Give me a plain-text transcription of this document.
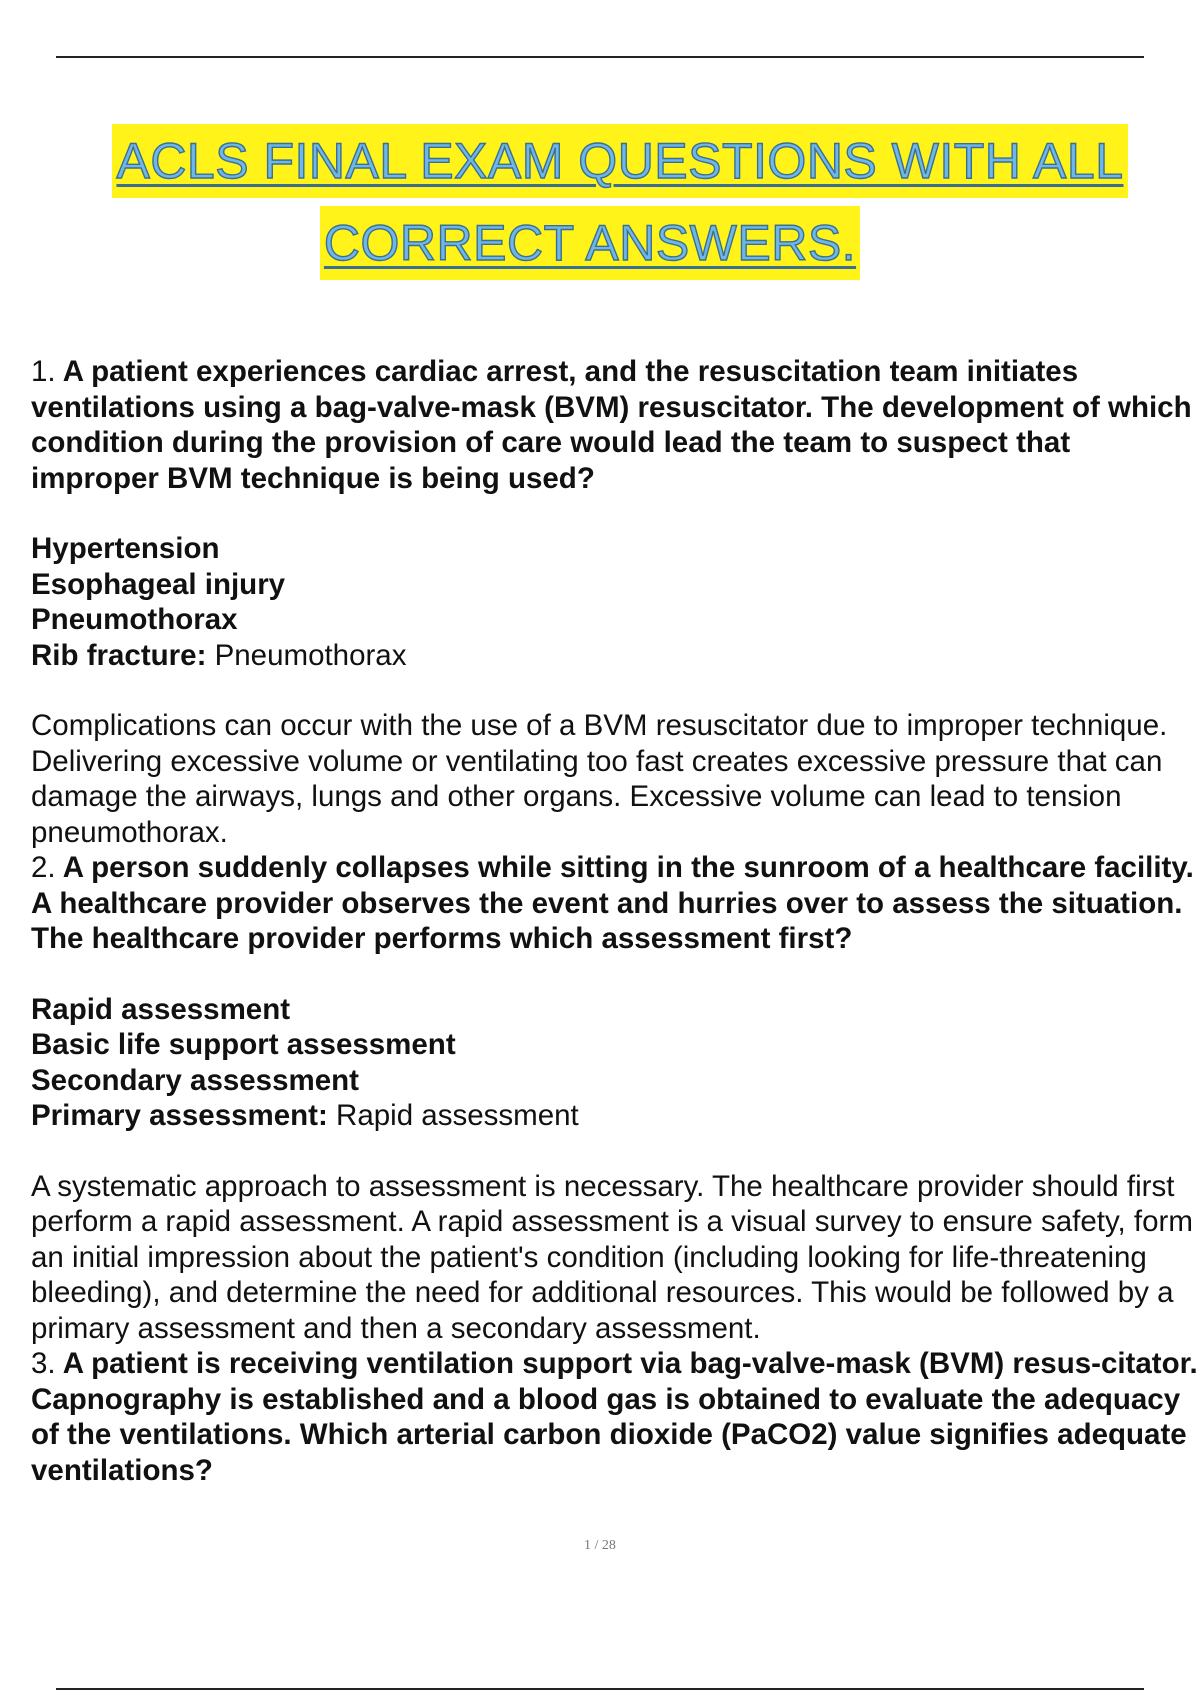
ACLS FINAL EXAM QUESTIONS WITH ALL
CORRECT ANSWERS.

1. A patient experiences cardiac arrest, and the resuscitation team initiates ventilations using a bag-valve-mask (BVM) resuscitator. The development of which condition during the provision of care would lead the team to suspect that improper BVM technique is being used?

Hypertension

Esophageal injury

Pneumothorax

Rib fracture: Pneumothorax

Complications can occur with the use of a BVM resuscitator due to improper technique. Delivering excessive volume or ventilating too fast creates excessive pressure that can damage the airways, lungs and other organs. Excessive volume can lead to tension pneumothorax.

2. A person suddenly collapses while sitting in the sunroom of a healthcare facility. A healthcare provider observes the event and hurries over to assess the situation. The healthcare provider performs which assessment first?

Rapid assessment

Basic life support assessment

Secondary assessment

Primary assessment: Rapid assessment

A systematic approach to assessment is necessary. The healthcare provider should first perform a rapid assessment. A rapid assessment is a visual survey to ensure safety, form an initial impression about the patient's condition (including looking for life-threatening bleeding), and determine the need for additional resources. This would be followed by a primary assessment and then a secondary assessment.

3. A patient is receiving ventilation support via bag-valve-mask (BVM) resus-citator. Capnography is established and a blood gas is obtained to evaluate the adequacy of the ventilations. Which arterial carbon dioxide (PaCO2) value signifies adequate ventilations?

1 / 28
